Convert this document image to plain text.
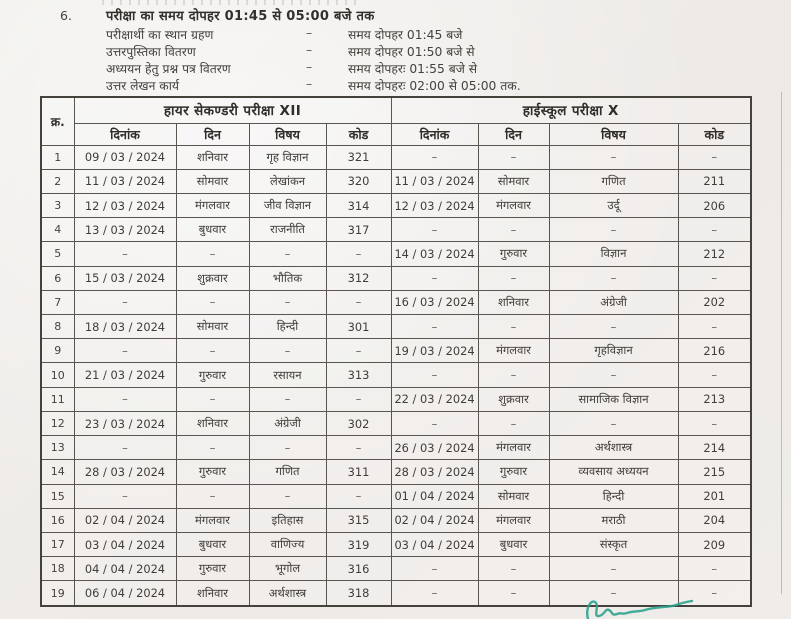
6.	परीक्षा का समय दोपहर 01:45 से 05:00 बजे तक
परीक्षार्थी का स्थान ग्रहण	–	समय दोपहर 01:45 बजे
उत्तरपुस्तिका वितरण	–	समय दोपहर 01:50 बजे से
अध्ययन हेतु प्रश्न पत्र वितरण	–	समय दोपहरः 01:55 बजे से
उत्तर लेखन कार्य	–	समय दोपहरः 02:00 से 05:00 तक.
क्र.	हायर सेकण्डरी परीक्षा XII				हाईस्कूल परीक्षा X			
	दिनांक	दिन	विषय	कोड	दिनांक	दिन	विषय	कोड
1	09 / 03 / 2024	शनिवार	गृह विज्ञान	321	–	–	–	–
2	11 / 03 / 2024	सोमवार	लेखांकन	320	11 / 03 / 2024	सोमवार	गणित	211
3	12 / 03 / 2024	मंगलवार	जीव विज्ञान	314	12 / 03 / 2024	मंगलवार	उर्दू	206
4	13 / 03 / 2024	बुधवार	राजनीति	317	–	–	–	–
5	–	–	–	–	14 / 03 / 2024	गुरुवार	विज्ञान	212
6	15 / 03 / 2024	शुक्रवार	भौतिक	312	–	–	–	–
7	–	–	–	–	16 / 03 / 2024	शनिवार	अंग्रेजी	202
8	18 / 03 / 2024	सोमवार	हिन्दी	301	–	–	–	–
9	–	–	–	–	19 / 03 / 2024	मंगलवार	गृहविज्ञान	216
10	21 / 03 / 2024	गुरुवार	रसायन	313	–	–	–	–
11	–	–	–	–	22 / 03 / 2024	शुक्रवार	सामाजिक विज्ञान	213
12	23 / 03 / 2024	शनिवार	अंग्रेजी	302	–	–	–	–
13	–	–	–	–	26 / 03 / 2024	मंगलवार	अर्थशास्त्र	214
14	28 / 03 / 2024	गुरुवार	गणित	311	28 / 03 / 2024	गुरुवार	व्यवसाय अध्ययन	215
15	–	–	–	–	01 / 04 / 2024	सोमवार	हिन्दी	201
16	02 / 04 / 2024	मंगलवार	इतिहास	315	02 / 04 / 2024	मंगलवार	मराठी	204
17	03 / 04 / 2024	बुधवार	वाणिज्य	319	03 / 04 / 2024	बुधवार	संस्कृत	209
18	04 / 04 / 2024	गुरुवार	भूगोल	316	–	–	–	–
19	06 / 04 / 2024	शनिवार	अर्थशास्त्र	318	–	–	–	–
